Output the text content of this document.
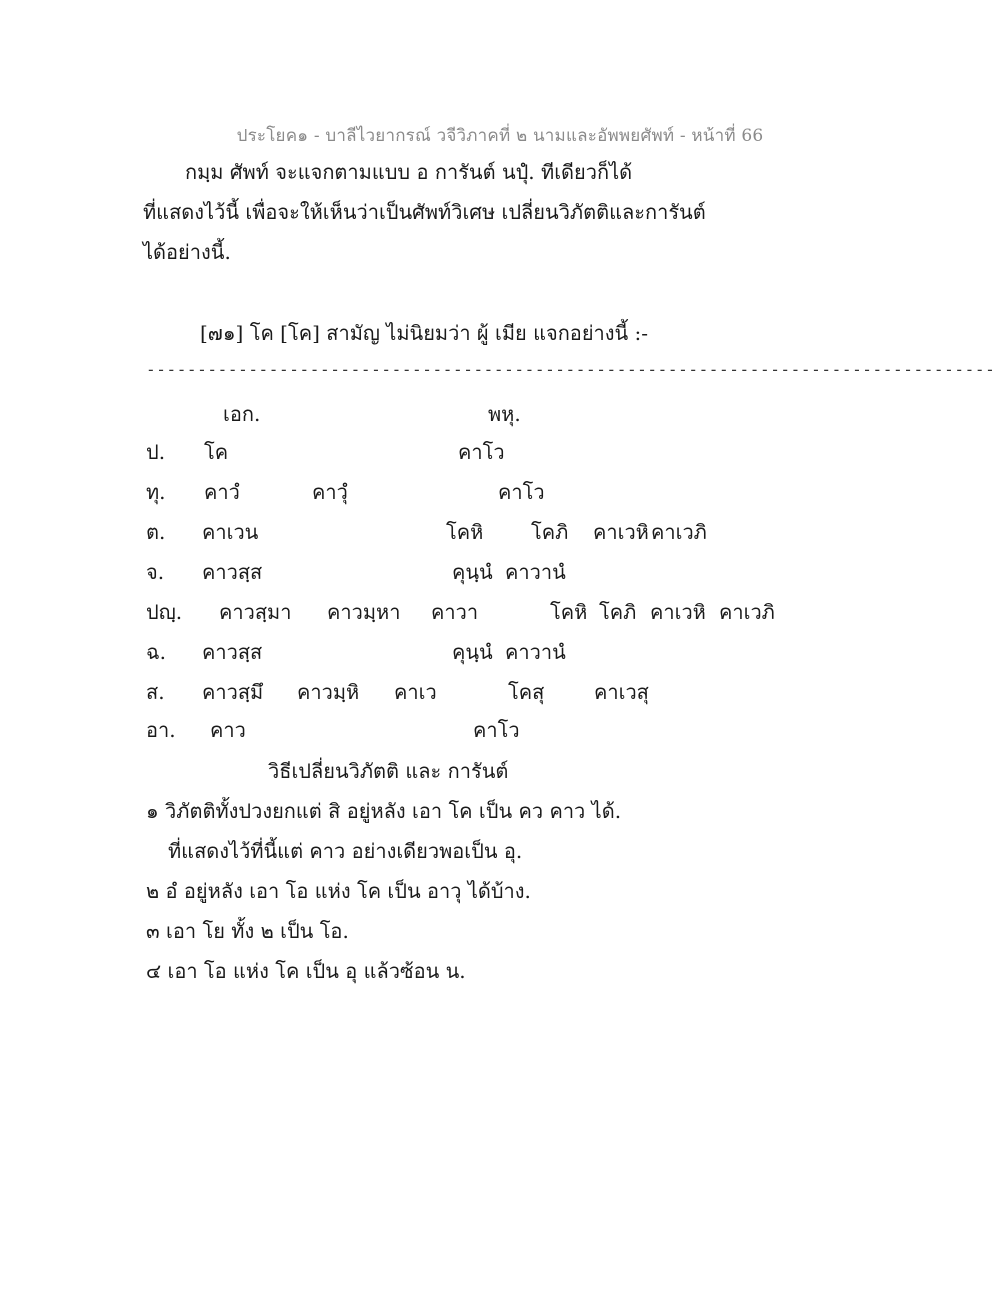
ประโยค๑ - บาลีไวยากรณ์ วจีวิภาคที่ ๒ นามและอัพพยศัพท์ - หน้าที่ 66
กมฺม ศัพท์ จะแจกตามแบบ อ การันต์ นปุํ. ทีเดียวก็ได้
ที่แสดงไว้นี้ เพื่อจะให้เห็นว่าเป็นศัพท์วิเศษ เปลี่ยนวิภัตติและการันต์
ได้อย่างนี้.
[๗๑] โค [โค] สามัญ ไม่นิยมว่า ผู้ เมีย แจกอย่างนี้ :-
-----------------------------------------------------------------------------------
เอก.	พหุ.
ป. โค	คาโว
ทุ. คาวํ	คาวุํ	คาโว
ต. คาเวน	โคหิ โคภิ คาเวหิ คาเวภิ
จ. คาวสฺส	คุนฺนํ คาวานํ
ปญฺ. คาวสฺมา คาวมฺหา คาวา	โคหิ โคภิ คาเวหิ คาเวภิ
ฉ. คาวสฺส	คุนฺนํ คาวานํ
ส. คาวสฺมึ คาวมฺหิ คาเว	โคสุ คาเวสุ
อา. คาว	คาโว
วิธีเปลี่ยนวิภัตติ และ การันต์
๑ วิภัตติทั้งปวงยกแต่ สิ อยู่หลัง เอา โค เป็น คว คาว ได้.
ที่แสดงไว้ที่นี้แต่ คาว อย่างเดียวพอเป็น อุ.
๒ อํ อยู่หลัง เอา โอ แห่ง โค เป็น อาวุ ได้บ้าง.
๓ เอา โย ทั้ง ๒ เป็น โอ.
๔ เอา โอ แห่ง โค เป็น อุ แล้วซ้อน น.
